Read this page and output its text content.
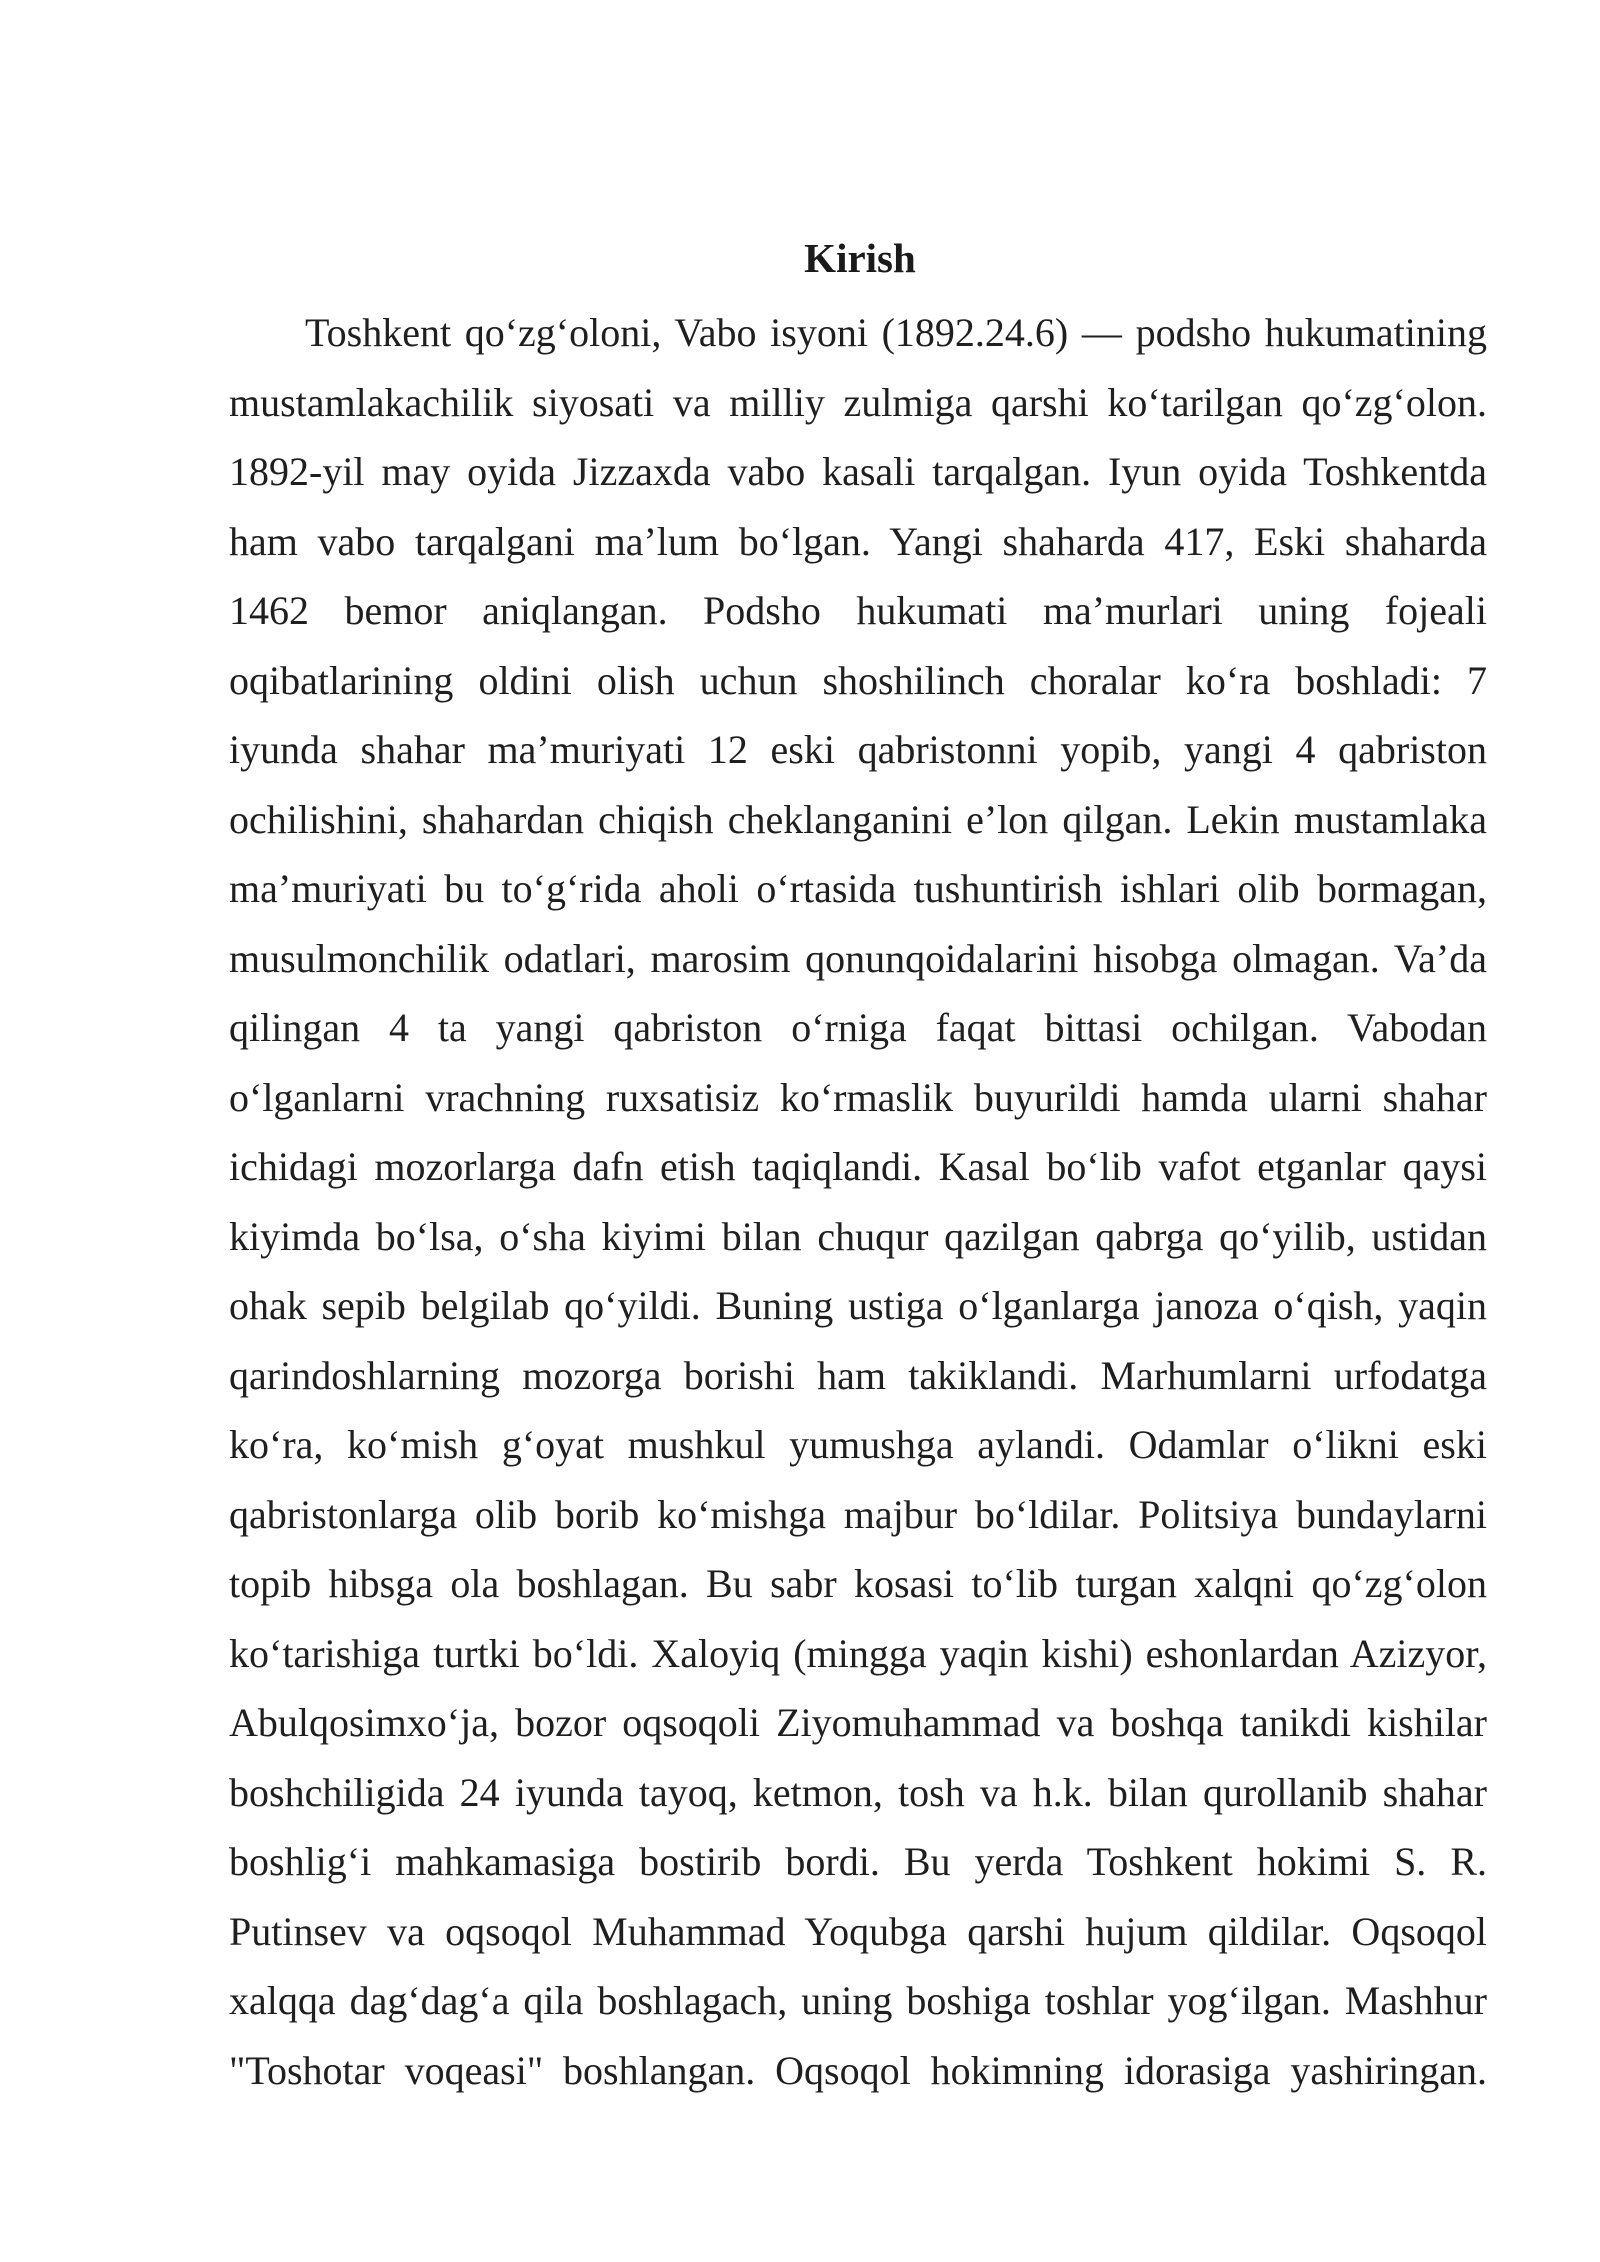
Kirish
Toshkent qo‘zg‘oloni, Vabo isyoni (1892.24.6) — podsho hukumatining
mustamlakachilik siyosati va milliy zulmiga qarshi ko‘tarilgan qo‘zg‘olon.
1892-yil may oyida Jizzaxda vabo kasali tarqalgan. Iyun oyida Toshkentda
ham vabo tarqalgani ma’lum bo‘lgan. Yangi shaharda 417, Eski shaharda
1462 bemor aniqlangan. Podsho hukumati ma’murlari uning fojeali
oqibatlarining oldini olish uchun shoshilinch choralar ko‘ra boshladi: 7
iyunda shahar ma’muriyati 12 eski qabristonni yopib, yangi 4 qabriston
ochilishini, shahardan chiqish cheklanganini e’lon qilgan. Lekin mustamlaka
ma’muriyati bu to‘g‘rida aholi o‘rtasida tushuntirish ishlari olib bormagan,
musulmonchilik odatlari, marosim qonunqoidalarini hisobga olmagan. Va’da
qilingan 4 ta yangi qabriston o‘rniga faqat bittasi ochilgan. Vabodan
o‘lganlarni vrachning ruxsatisiz ko‘rmaslik buyurildi hamda ularni shahar
ichidagi mozorlarga dafn etish taqiqlandi. Kasal bo‘lib vafot etganlar qaysi
kiyimda bo‘lsa, o‘sha kiyimi bilan chuqur qazilgan qabrga qo‘yilib, ustidan
ohak sepib belgilab qo‘yildi. Buning ustiga o‘lganlarga janoza o‘qish, yaqin
qarindoshlarning mozorga borishi ham takiklandi. Marhumlarni urfodatga
ko‘ra, ko‘mish g‘oyat mushkul yumushga aylandi. Odamlar o‘likni eski
qabristonlarga olib borib ko‘mishga majbur bo‘ldilar. Politsiya bundaylarni
topib hibsga ola boshlagan. Bu sabr kosasi to‘lib turgan xalqni qo‘zg‘olon
ko‘tarishiga turtki bo‘ldi. Xaloyiq (mingga yaqin kishi) eshonlardan Azizyor,
Abulqosimxo‘ja, bozor oqsoqoli Ziyomuhammad va boshqa tanikdi kishilar
boshchiligida 24 iyunda tayoq, ketmon, tosh va h.k. bilan qurollanib shahar
boshlig‘i mahkamasiga bostirib bordi. Bu yerda Toshkent hokimi S. R.
Putinsev va oqsoqol Muhammad Yoqubga qarshi hujum qildilar. Oqsoqol
xalqqa dag‘dag‘a qila boshlagach, uning boshiga toshlar yog‘ilgan. Mashhur
"Toshotar voqeasi" boshlangan. Oqsoqol hokimning idorasiga yashiringan.
